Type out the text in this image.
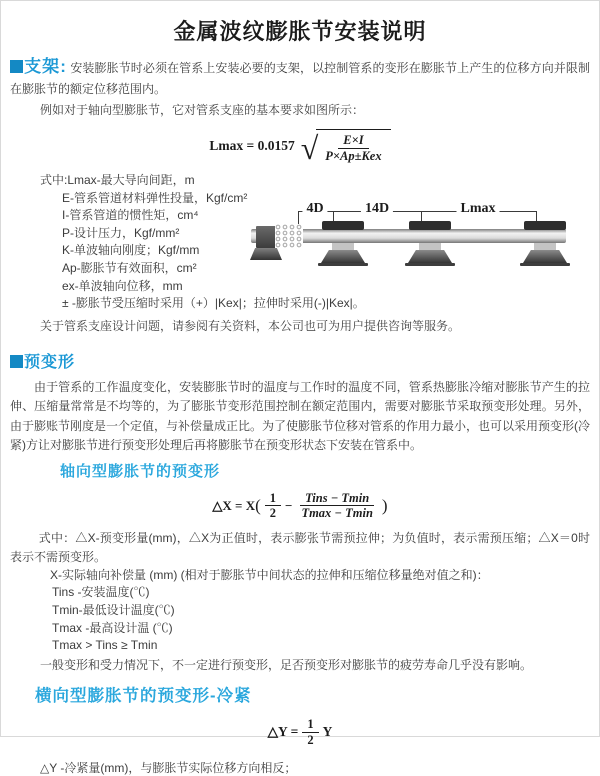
金属波纹膨胀节安装说明
支架: 安装膨胀节时必须在管系上安装必要的支架，以控制管系的变形在膨胀节上产生的位移方向并限制在膨胀节的额定位移范围内。
例如对于轴向型膨胀节，它对管系支座的基本要求如图所示：
Lmax = 0.0157 √ $\frac{E\times I}{\text{P×Ap±Kex}}$
式中:Lmax-最大导向间距，m
E-管系管道材料弹性投量，Kgf/cm²
I-管系管道的惯性矩，cm⁴
P-设计压力，Kgf/mm²
K-单波轴向刚度；Kgf/mm
Ap-膨胀节有效面积，cm²
ex-单波轴向位移，mm
± -膨胀节受压缩时采用（+）|Kex|；拉伸时采用(-)|Kex|。
关于管系支座设计问题，请参阅有关资料，本公司也可为用户提供咨询等服务。
预变形
由于管系的工作温度变化，安装膨胀节时的温度与工作时的温度不同，管系热膨胀冷缩对膨胀节产生的拉伸、压缩量常常是不均等的，为了膨胀节变形范围控制在额定范围内，需要对膨胀节采取预变形处理。另外，由于膨账节刚度是一个定值，与补偿量成正比。为了使膨胀节位移对管系的作用力最小，也可以采用预变形(冷紧)方让对膨胀节进行预变形处理后再将膨胀节在预变形状态下安装在管系中。
轴向型膨胀节的预变形
△X = X ( $\frac{1}{2} - \frac{\text{Tins − Tmin}}{Tmax - Tmin}$ )
式中：△X-预变形量(mm)，△X为正值时，表示膨张节需预拉伸；为负值时，表示需预压缩；△X＝0时表示不需预变形。
X-实际轴向补偿量 (mm) (相对于膨胀节中间状态的拉伸和压缩位移量绝对值之和)：
Tins -安装温度(℃)
Tmin-最低设计温度(℃)
Tmax -最高设计温 (℃)
Tmax > Tins ≥ Tmin
一般变形和受力情况下，不一定进行预变形，足否预变形对膨胀节的疲劳寿命几乎没有影响。
横向型膨胀节的预变形-冷紧
△Y = $\frac{1}{2}$ Y
△Y -冷紧量(mm)，与膨胀节实际位移方向相反；
4D	14D	Lmax
